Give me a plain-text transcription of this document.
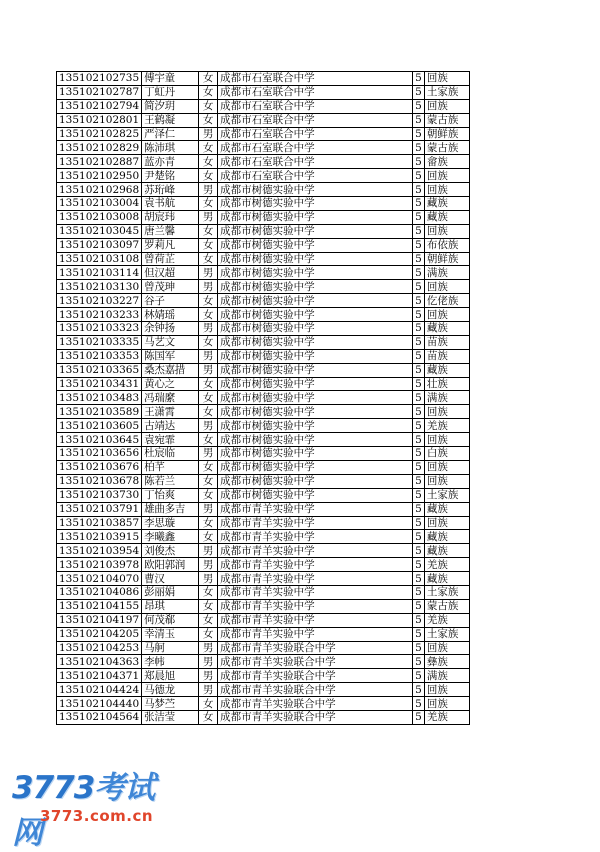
135102102735	傅宇童	女	成都市石室联合中学	5	回族
135102102787	丁虹丹	女	成都市石室联合中学	5	土家族
135102102794	简汐玥	女	成都市石室联合中学	5	回族
135102102801	王鹤凝	女	成都市石室联合中学	5	蒙古族
135102102825	严泽仁	男	成都市石室联合中学	5	朝鲜族
135102102829	陈沛琪	女	成都市石室联合中学	5	蒙古族
135102102887	蓝亦青	女	成都市石室联合中学	5	畲族
135102102950	尹楚铭	女	成都市石室联合中学	5	回族
135102102968	苏珩峰	男	成都市树德实验中学	5	回族
135102103004	袁书航	女	成都市树德实验中学	5	藏族
135102103008	胡宸玮	男	成都市树德实验中学	5	藏族
135102103045	唐兰馨	女	成都市树德实验中学	5	回族
135102103097	罗莉凡	女	成都市树德实验中学	5	布依族
135102103108	曾荷芷	女	成都市树德实验中学	5	朝鲜族
135102103114	但汉超	男	成都市树德实验中学	5	满族
135102103130	曾茂珅	男	成都市树德实验中学	5	回族
135102103227	谷子	女	成都市树德实验中学	5	仡佬族
135102103233	林婧瑶	女	成都市树德实验中学	5	回族
135102103323	余钟扬	男	成都市树德实验中学	5	藏族
135102103335	马艺文	女	成都市树德实验中学	5	苗族
135102103353	陈国军	男	成都市树德实验中学	5	苗族
135102103365	桑杰嘉措	男	成都市树德实验中学	5	藏族
135102103431	黄心之	女	成都市树德实验中学	5	壮族
135102103483	冯瑞縻	女	成都市树德实验中学	5	满族
135102103589	王潇霄	女	成都市树德实验中学	5	回族
135102103605	古靖达	男	成都市树德实验中学	5	羌族
135102103645	袁宛霏	女	成都市树德实验中学	5	回族
135102103656	杜宸临	男	成都市树德实验中学	5	白族
135102103676	柏芊	女	成都市树德实验中学	5	回族
135102103678	陈若兰	女	成都市树德实验中学	5	回族
135102103730	丁怡爽	女	成都市树德实验中学	5	土家族
135102103791	雄曲多吉	男	成都市青羊实验中学	5	藏族
135102103857	李思璇	女	成都市青羊实验中学	5	回族
135102103915	李曦鑫	女	成都市青羊实验中学	5	藏族
135102103954	刘俊杰	男	成都市青羊实验中学	5	藏族
135102103978	欧阳郭润	男	成都市青羊实验中学	5	羌族
135102104070	曹汉	男	成都市青羊实验中学	5	藏族
135102104086	彭丽娟	女	成都市青羊实验中学	5	土家族
135102104155	昂琪	女	成都市青羊实验中学	5	蒙古族
135102104197	何茂郗	女	成都市青羊实验中学	5	羌族
135102104205	幸清玉	女	成都市青羊实验中学	5	土家族
135102104253	马舸	男	成都市青羊实验联合中学	5	回族
135102104363	李帏	男	成都市青羊实验联合中学	5	彝族
135102104371	郑晨旭	男	成都市青羊实验联合中学	5	满族
135102104424	马德龙	男	成都市青羊实验联合中学	5	回族
135102104440	马梦苎	女	成都市青羊实验联合中学	5	回族
135102104564	张洁莹	女	成都市青羊实验联合中学	5	羌族
3773考试网
3773.com.cn
